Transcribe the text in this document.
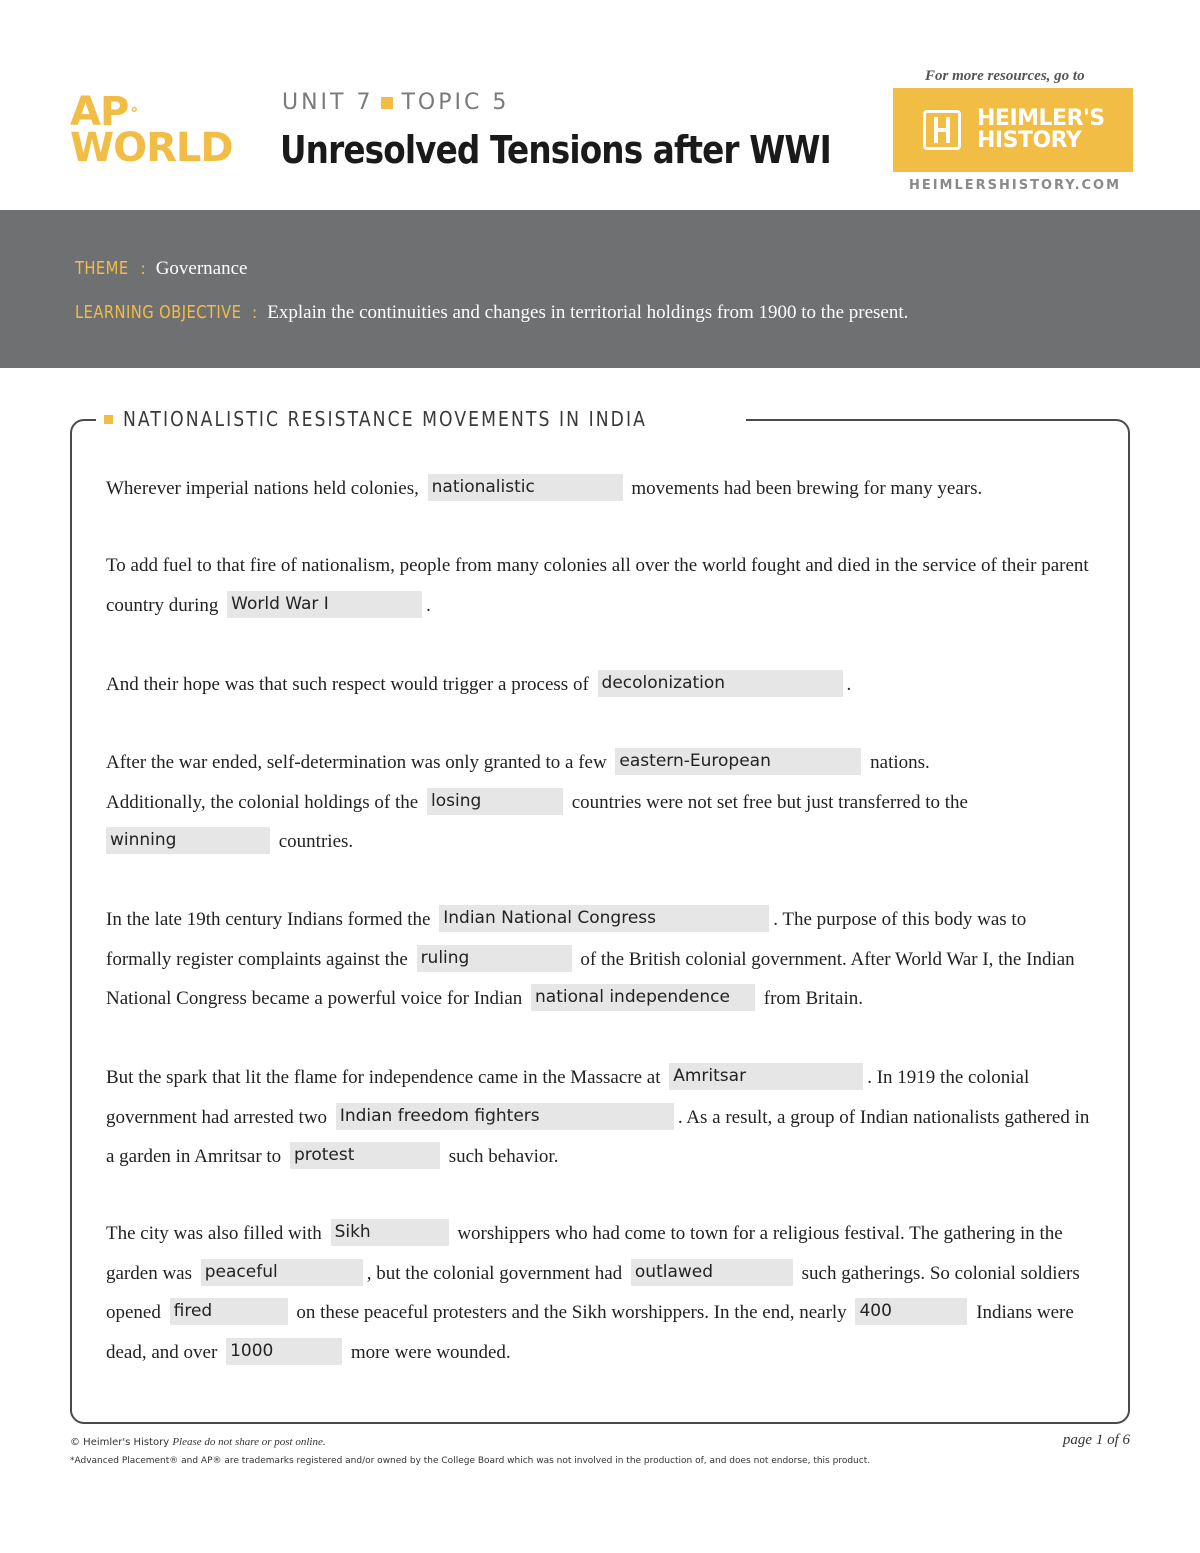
AP °
WORLD
UNIT 7 TOPIC 5
Unresolved Tensions after WWI
For more resources, go to
HEIMLER'S
HISTORY
HEIMLERSHISTORY.COM
THEME : Governance
LEARNING OBJECTIVE : Explain the continuities and changes in territorial holdings from 1900 to the present.
NATIONALISTIC RESISTANCE MOVEMENTS IN INDIA

Wherever imperial nations held colonies, nationalistic	movements had been brewing for many years.

To add fuel to that fire of nationalism, people from many colonies all over the world fought and died in the service of their parent country during World War I	.

And their hope was that such respect would trigger a process of decolonization	.

After the war ended, self-determination was only granted to a few eastern-European	nations.
Additionally, the colonial holdings of the losing	countries were not set free but just transferred to the
winning	countries.

In the late 19th century Indians formed the Indian National Congress	. The purpose of this body was to formally register complaints against the ruling	of the British colonial government. After World War I, the Indian National Congress became a powerful voice for Indian national independence from Britain.

But the spark that lit the flame for independence came in the Massacre at Amritsar	. In 1919 the colonial government had arrested two Indian freedom fighters	. As a result, a group of Indian nationalists gathered in a garden in Amritsar to protest	such behavior.

The city was also filled with Sikh	worshippers who had come to town for a religious festival. The gathering in the garden was peaceful	, but the colonial government had outlawed	such gatherings. So colonial soldiers opened fired	on these peaceful protesters and the Sikh worshippers. In the end, nearly 400	Indians were dead, and over 1000	more were wounded.

© Heimler's History Please do not share or post online.	page 1 of 6
*Advanced Placement® and AP® are trademarks registered and/or owned by the College Board which was not involved in the production of, and does not endorse, this product.
